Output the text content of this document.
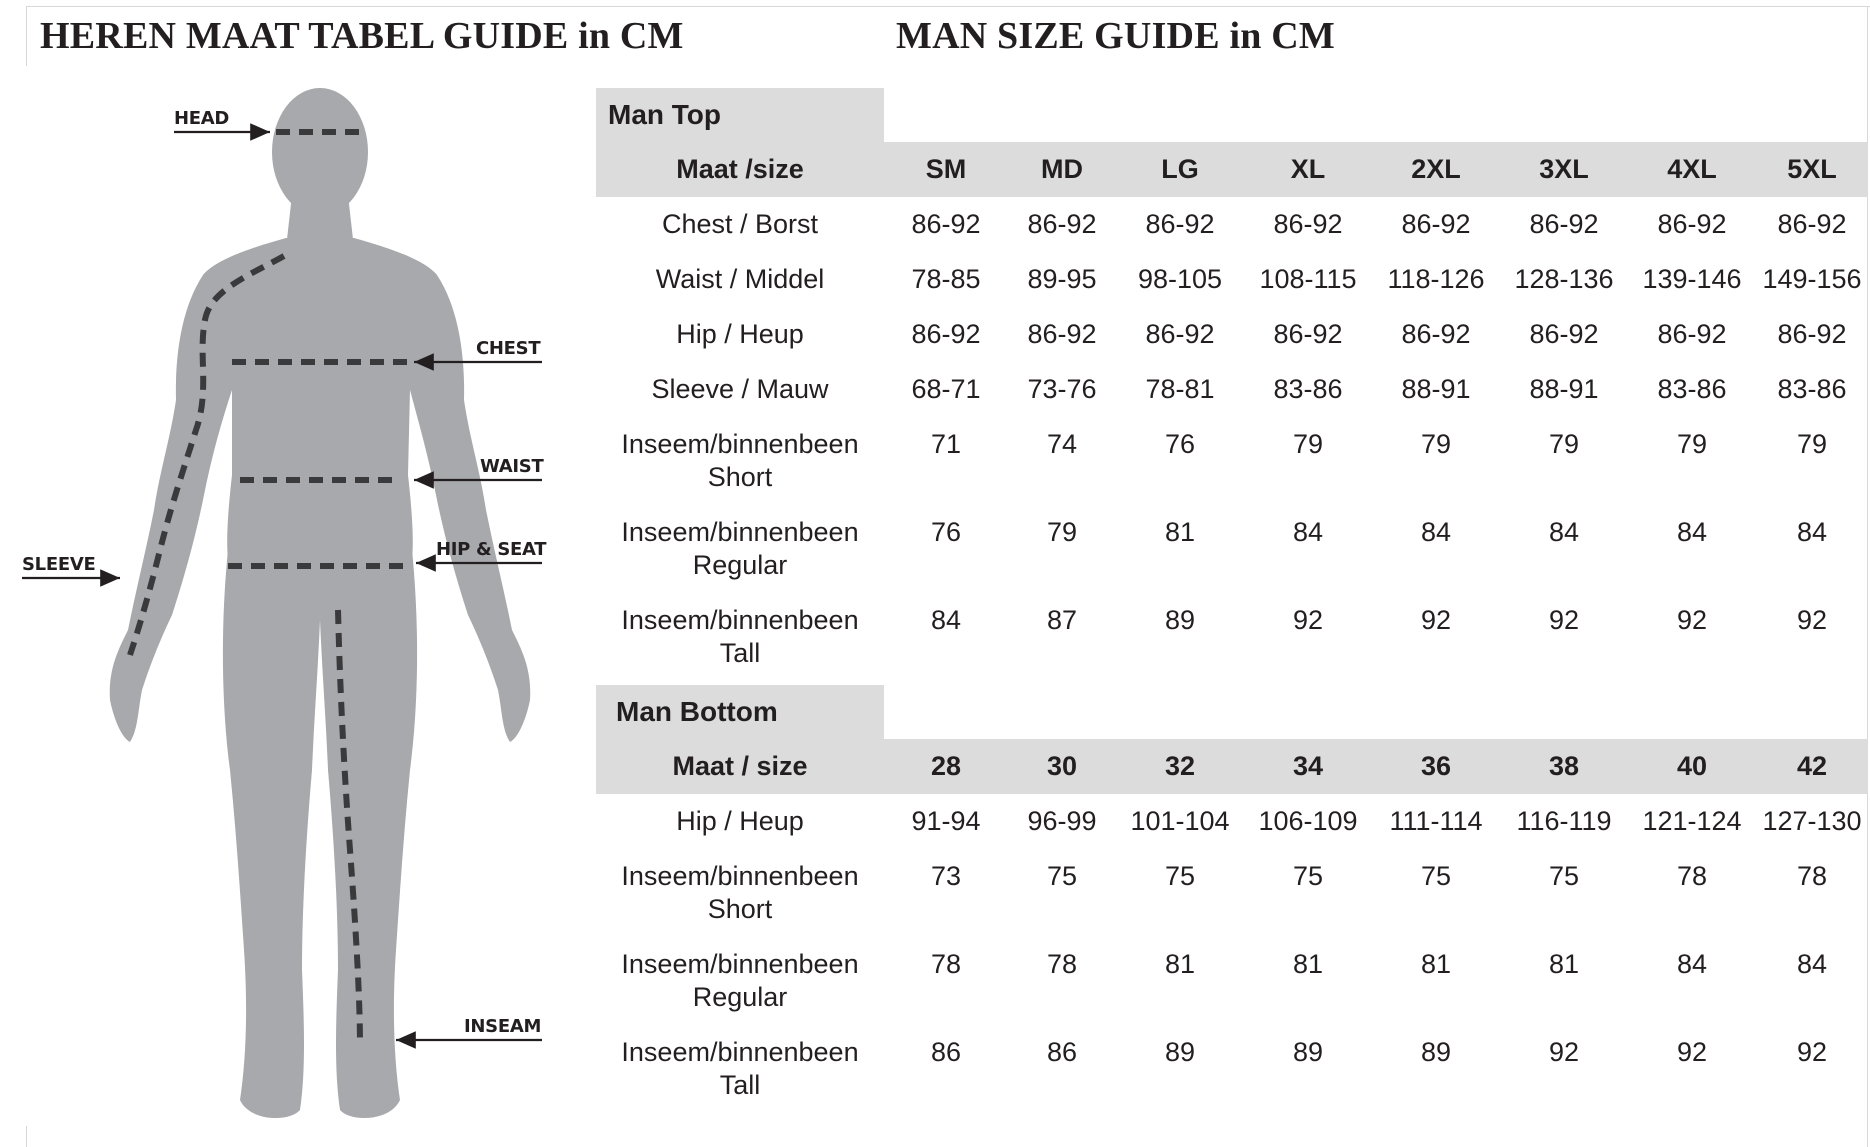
HEREN MAAT TABEL GUIDE in CM	MAN SIZE GUIDE in CM
HEAD
CHEST
WAIST
HIP & SEAT
SLEEVE
INSEAM
Man Top
Maat /size	SM	MD	LG	XL	2XL	3XL	4XL	5XL
Chest / Borst	86-92	86-92	86-92	86-92	86-92	86-92	86-92	86-92
Waist / Middel	78-85	89-95	98-105	108-115	118-126	128-136	139-146 149-156
Hip / Heup	86-92	86-92	86-92	86-92	86-92	86-92	86-92	86-92
Sleeve / Mauw	68-71	73-76	78-81	83-86	88-91	88-91	83-86	83-86
Inseem/binnenbeen
Short
71	74	76	79	79	79	79	79
Inseem/binnenbeen
Regular
76	79	81	84	84	84	84	84
Inseem/binnenbeen
Tall
84	87	89	92	92	92	92	92
Man Bottom
Maat / size	28	30	32	34	36	38	40	42
Hip / Heup	91-94	96-99	101-104	106-109	111-114	116-119	121-124 127-130
Inseem/binnenbeen
Short
73	75	75	75	75	75	78	78
Inseem/binnenbeen
Regular
78	78	81	81	81	81	84	84
Inseem/binnenbeen
Tall
86	86	89	89	89	92	92	92
